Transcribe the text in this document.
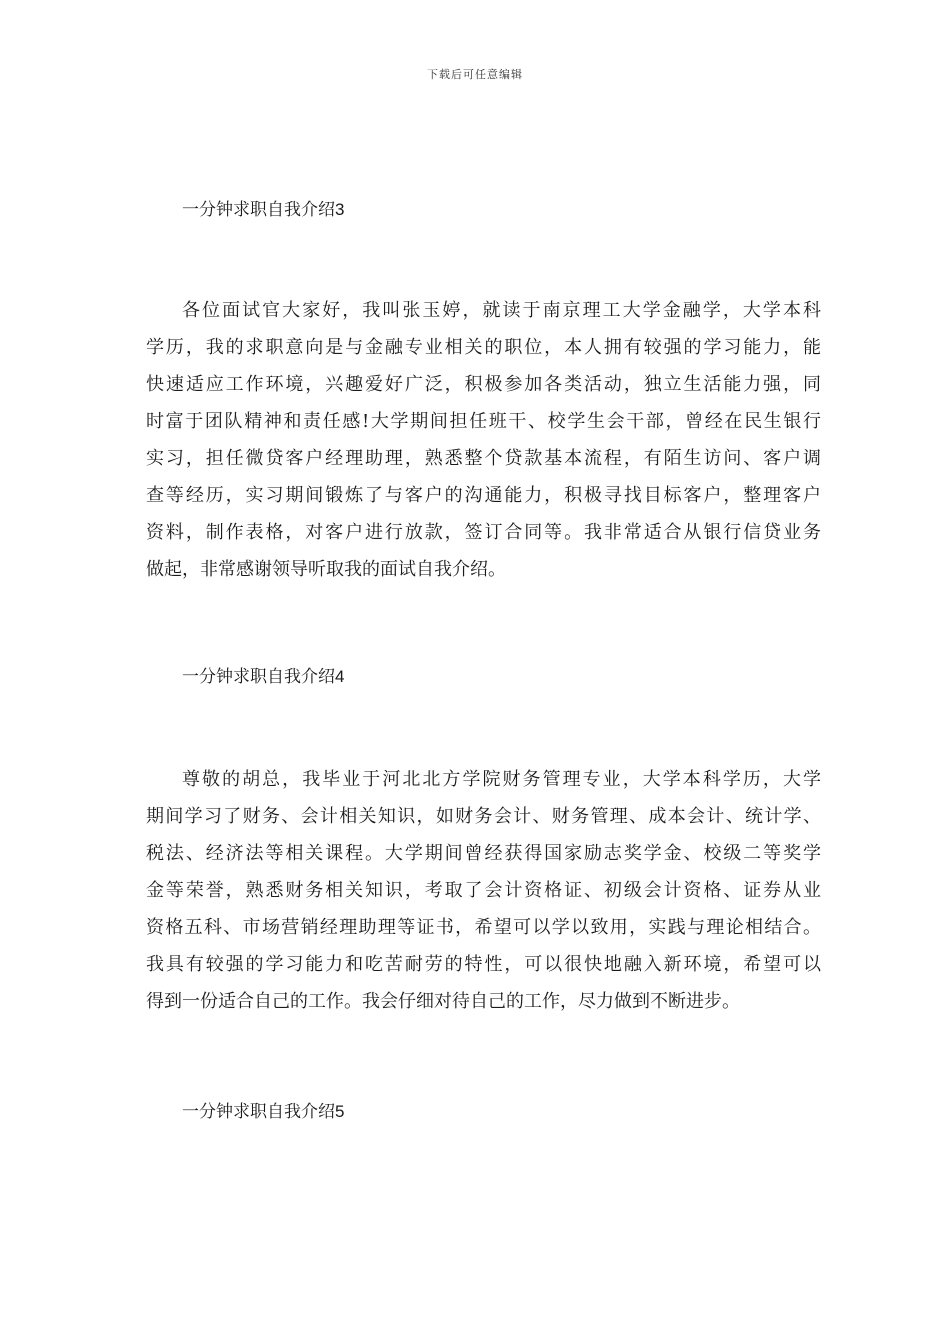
下载后可任意编辑
一分钟求职自我介绍3
各位面试官大家好，我叫张玉婷，就读于南京理工大学金融学，大学本科
学历，我的求职意向是与金融专业相关的职位，本人拥有较强的学习能力，能
快速适应工作环境，兴趣爱好广泛，积极参加各类活动，独立生活能力强，同
时富于团队精神和责任感!大学期间担任班干、校学生会干部，曾经在民生银行
实习，担任微贷客户经理助理，熟悉整个贷款基本流程，有陌生访问、客户调
查等经历，实习期间锻炼了与客户的沟通能力，积极寻找目标客户，整理客户
资料，制作表格，对客户进行放款，签订合同等。我非常适合从银行信贷业务
做起，非常感谢领导听取我的面试自我介绍。
一分钟求职自我介绍4
尊敬的胡总，我毕业于河北北方学院财务管理专业，大学本科学历，大学
期间学习了财务、会计相关知识，如财务会计、财务管理、成本会计、统计学、
税法、经济法等相关课程。大学期间曾经获得国家励志奖学金、校级二等奖学
金等荣誉，熟悉财务相关知识，考取了会计资格证、初级会计资格、证券从业
资格五科、市场营销经理助理等证书，希望可以学以致用，实践与理论相结合。
我具有较强的学习能力和吃苦耐劳的特性，可以很快地融入新环境，希望可以
得到一份适合自己的工作。我会仔细对待自己的工作，尽力做到不断进步。
一分钟求职自我介绍5
